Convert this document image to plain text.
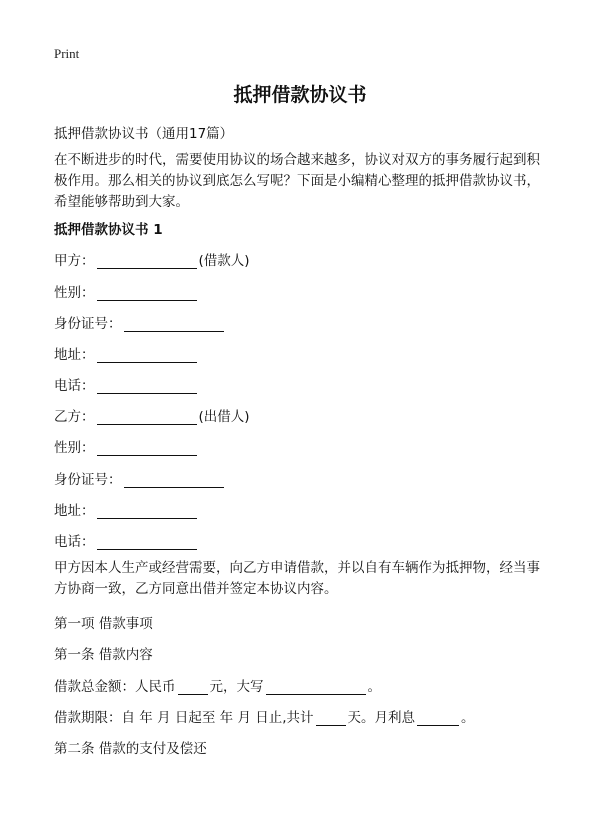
Print
抵押借款协议书
抵押借款协议书（通用17篇）
在不断进步的时代，需要使用协议的场合越来越多，协议对双方的事务履行起到积极作用。那么相关的协议到底怎么写呢？下面是小编精心整理的抵押借款协议书，希望能够帮助到大家。
抵押借款协议书 1
甲方：	(借款人)
性别：
身份证号：
地址：
电话：
乙方：	(出借人)
性别：
身份证号：
地址：
电话：
甲方因本人生产或经营需要，向乙方申请借款，并以自有车辆作为抵押物，经当事方协商一致，乙方同意出借并签定本协议内容。
第一项 借款事项
第一条 借款内容
借款总金额：人民币	元，大写	。
借款期限：自 年 月 日起至 年 月 日止,共计	天。月利息	。
第二条 借款的支付及偿还
